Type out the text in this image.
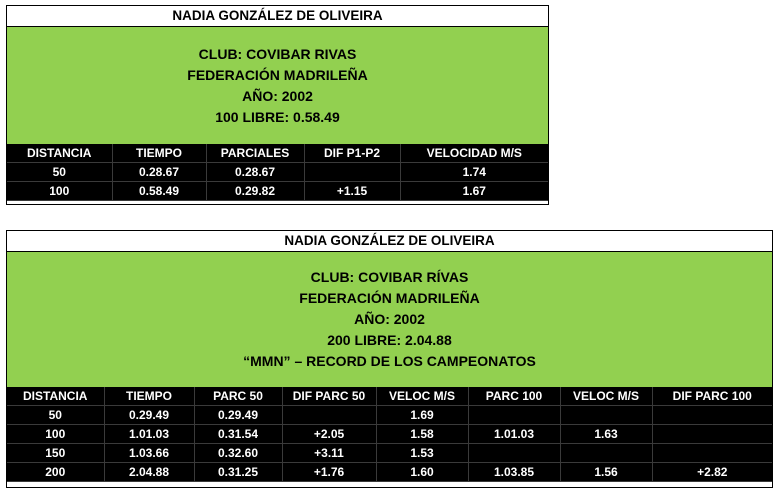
NADIA GONZÁLEZ DE OLIVEIRA
CLUB: COVIBAR RIVAS
FEDERACIÓN MADRILEÑA
AÑO: 2002
100 LIBRE: 0.58.49
DISTANCIA	TIEMPO	PARCIALES	DIF P1-P2	VELOCIDAD M/S
50	0.28.67	0.28.67		1.74
100	0.58.49	0.29.82	+1.15	1.67
NADIA GONZÁLEZ DE OLIVEIRA
CLUB: COVIBAR RÍVAS
FEDERACIÓN MADRILEÑA
AÑO: 2002
200 LIBRE: 2.04.88
“MMN” – RECORD DE LOS CAMPEONATOS
DISTANCIA	TIEMPO	PARC 50	DIF PARC 50	VELOC M/S	PARC 100	VELOC M/S	DIF PARC 100
50	0.29.49	0.29.49		1.69			
100	1.01.03	0.31.54	+2.05	1.58	1.01.03	1.63	
150	1.03.66	0.32.60	+3.11	1.53			
200	2.04.88	0.31.25	+1.76	1.60	1.03.85	1.56	+2.82
